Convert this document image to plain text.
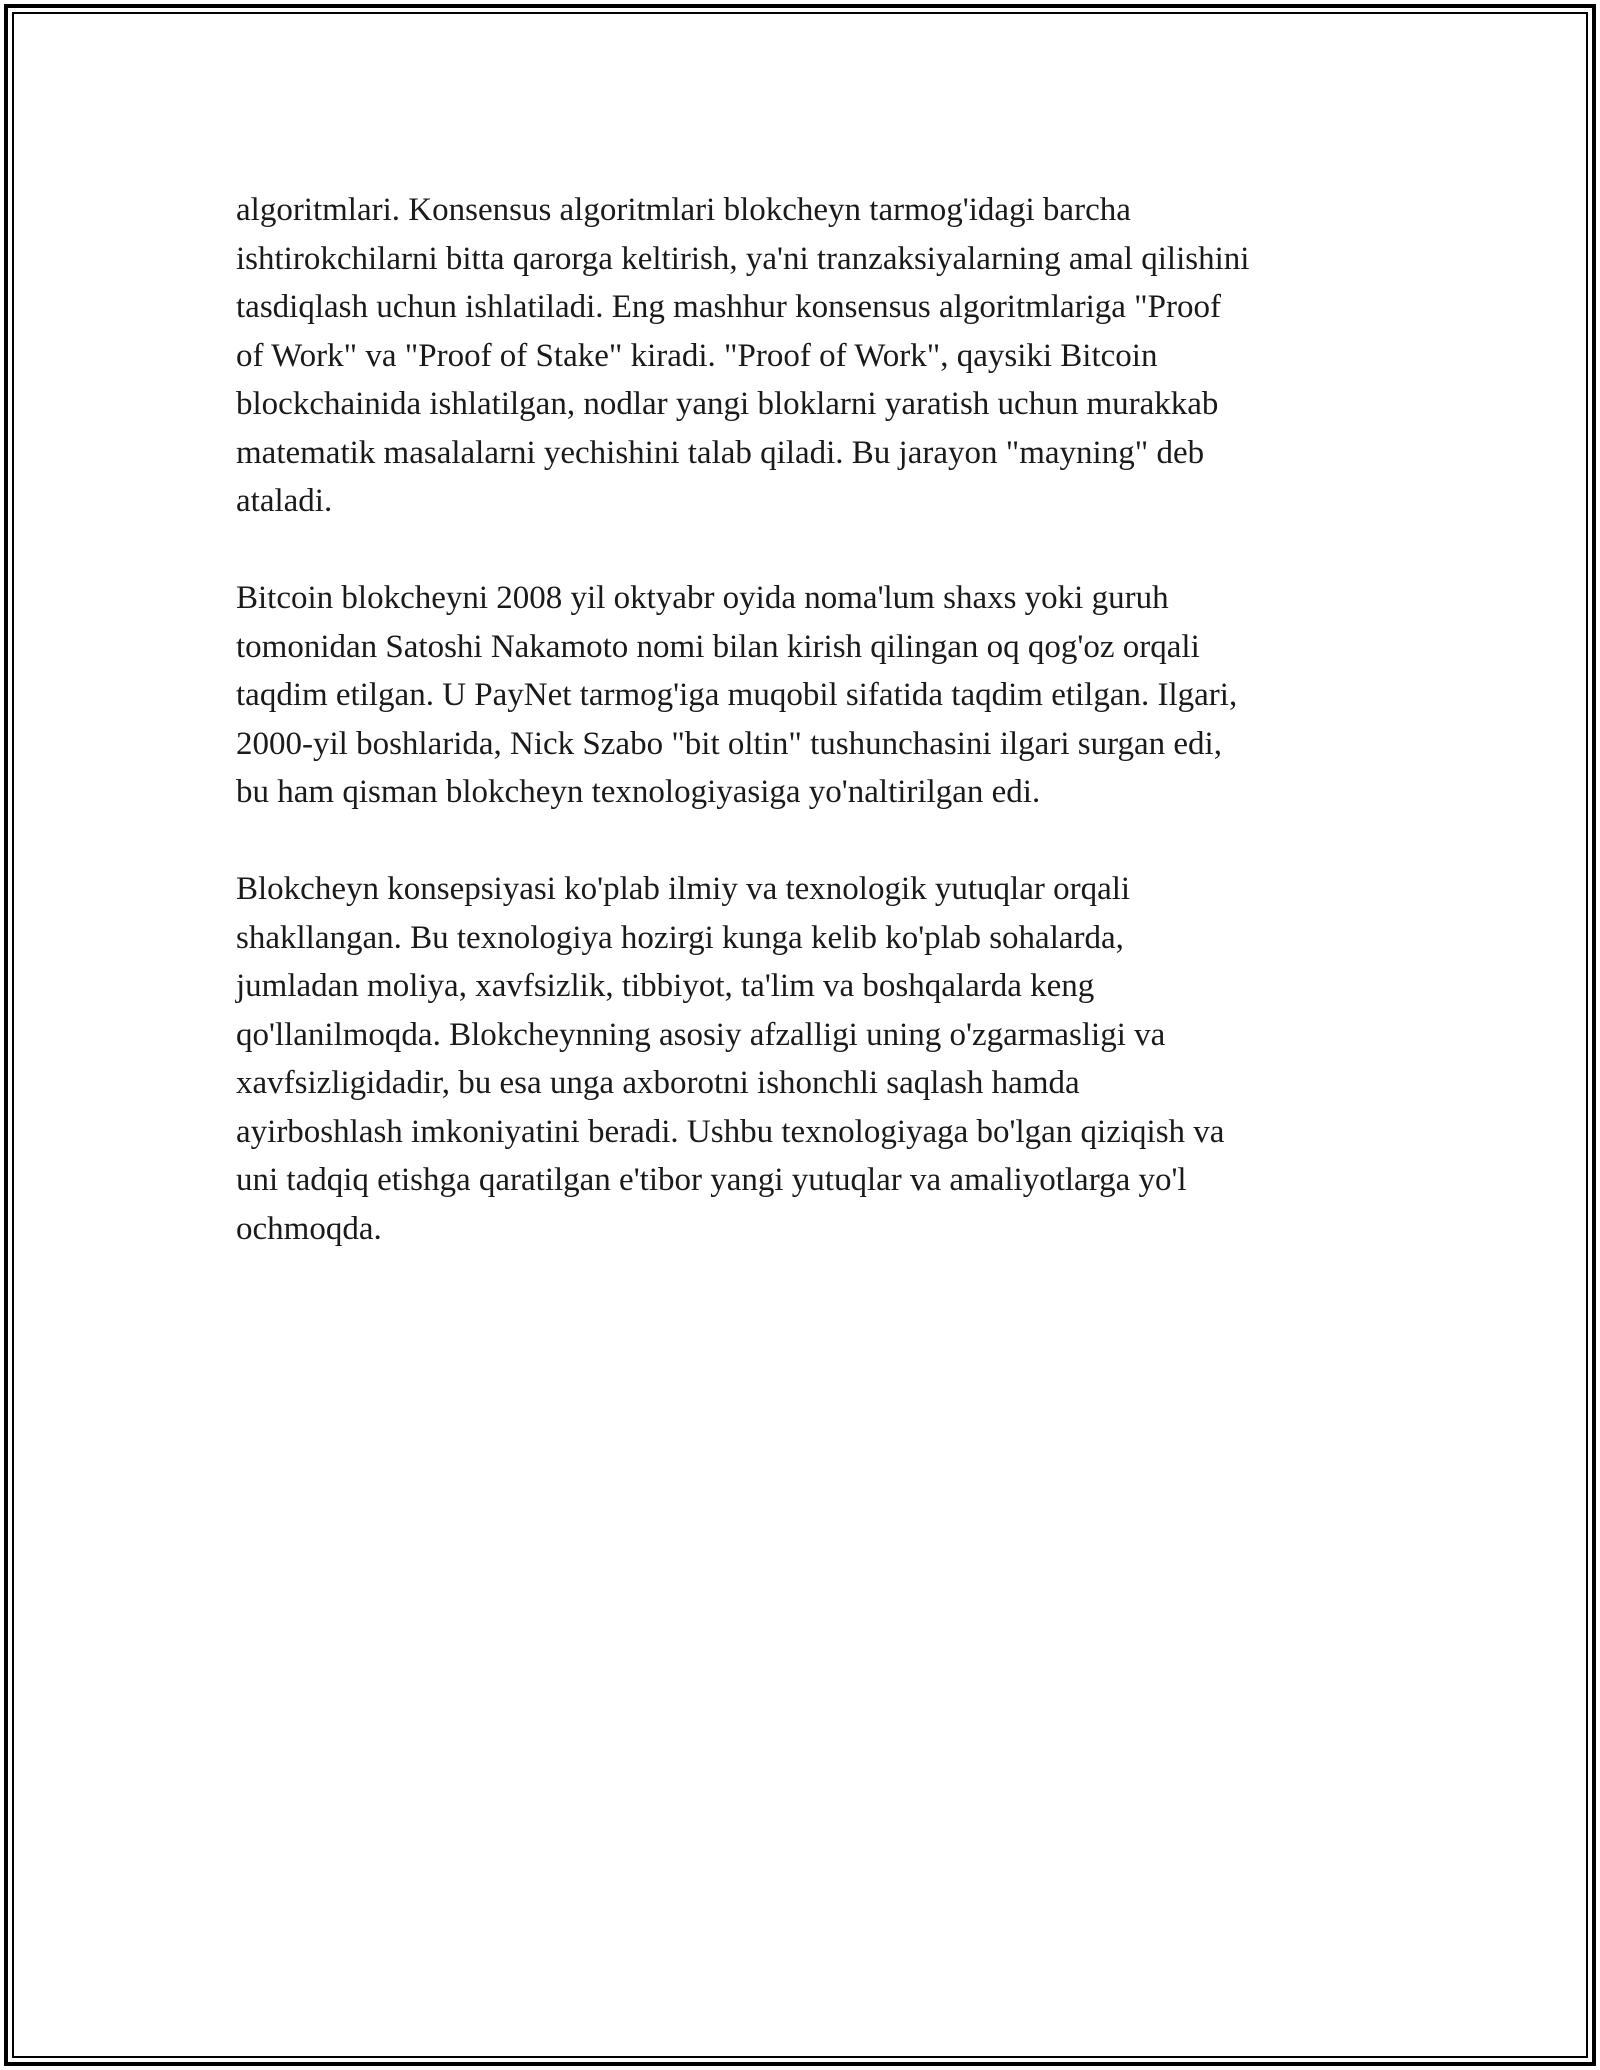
algoritmlari. Konsensus algoritmlari blokcheyn tarmog'idagi barcha
ishtirokchilarni bitta qarorga keltirish, ya'ni tranzaksiyalarning amal qilishini
tasdiqlash uchun ishlatiladi. Eng mashhur konsensus algoritmlariga "Proof
of Work" va "Proof of Stake" kiradi. "Proof of Work", qaysiki Bitcoin
blockchainida ishlatilgan, nodlar yangi bloklarni yaratish uchun murakkab
matematik masalalarni yechishini talab qiladi. Bu jarayon "mayning" deb
ataladi.

Bitcoin blokcheyni 2008 yil oktyabr oyida noma'lum shaxs yoki guruh
tomonidan Satoshi Nakamoto nomi bilan kirish qilingan oq qog'oz orqali
taqdim etilgan. U PayNet tarmog'iga muqobil sifatida taqdim etilgan. Ilgari,
2000-yil boshlarida, Nick Szabo "bit oltin" tushunchasini ilgari surgan edi,
bu ham qisman blokcheyn texnologiyasiga yo'naltirilgan edi.

Blokcheyn konsepsiyasi ko'plab ilmiy va texnologik yutuqlar orqali
shakllangan. Bu texnologiya hozirgi kunga kelib ko'plab sohalarda,
jumladan moliya, xavfsizlik, tibbiyot, ta'lim va boshqalarda keng
qo'llanilmoqda. Blokcheynning asosiy afzalligi uning o'zgarmasligi va
xavfsizligidadir, bu esa unga axborotni ishonchli saqlash hamda
ayirboshlash imkoniyatini beradi. Ushbu texnologiyaga bo'lgan qiziqish va
uni tadqiq etishga qaratilgan e'tibor yangi yutuqlar va amaliyotlarga yo'l
ochmoqda.
